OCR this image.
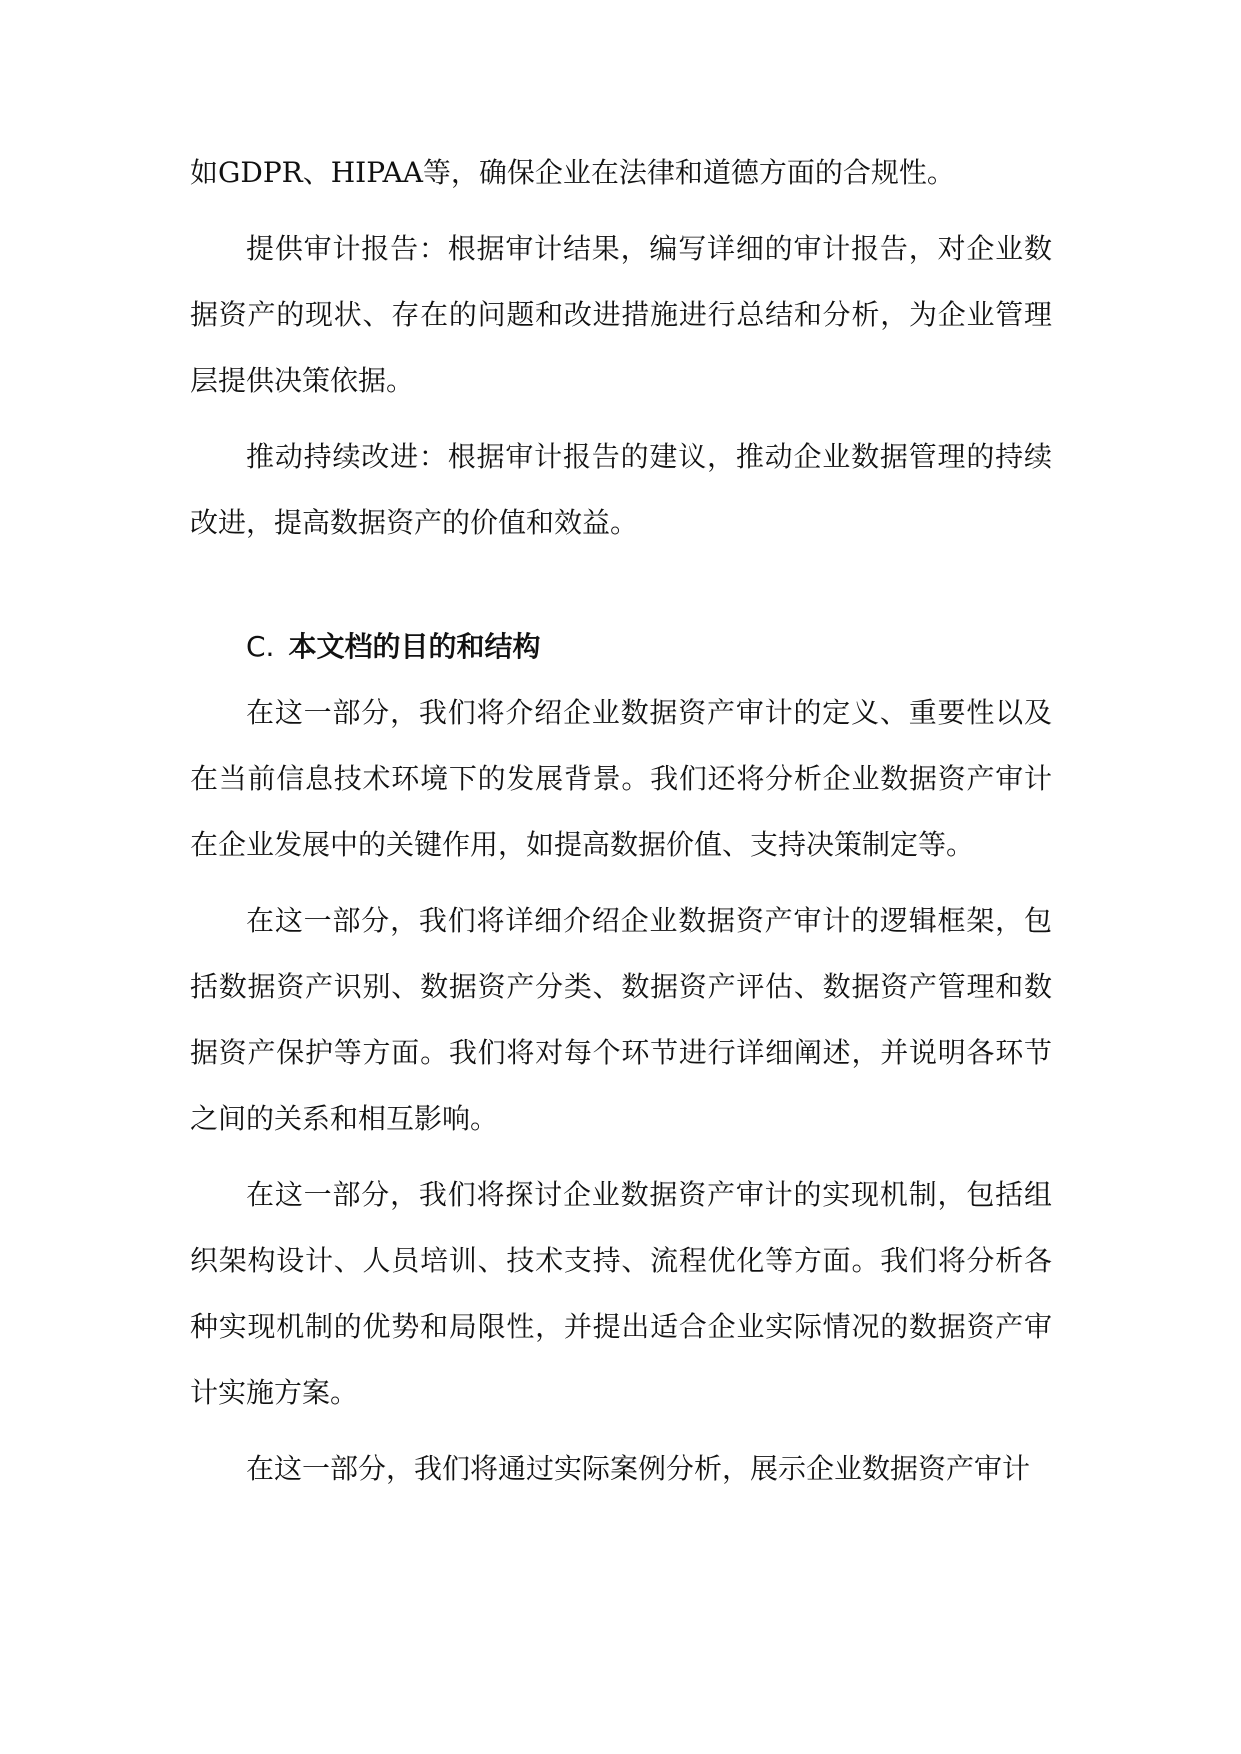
如GDPR、HIPAA等，确保企业在法律和道德方面的合规性。

提供审计报告：根据审计结果，编写详细的审计报告，对企业数据资产的现状、存在的问题和改进措施进行总结和分析，为企业管理层提供决策依据。

推动持续改进：根据审计报告的建议，推动企业数据管理的持续改进，提高数据资产的价值和效益。

C. 本文档的目的和结构

在这一部分，我们将介绍企业数据资产审计的定义、重要性以及在当前信息技术环境下的发展背景。我们还将分析企业数据资产审计在企业发展中的关键作用，如提高数据价值、支持决策制定等。

在这一部分，我们将详细介绍企业数据资产审计的逻辑框架，包括数据资产识别、数据资产分类、数据资产评估、数据资产管理和数据资产保护等方面。我们将对每个环节进行详细阐述，并说明各环节之间的关系和相互影响。

在这一部分，我们将探讨企业数据资产审计的实现机制，包括组织架构设计、人员培训、技术支持、流程优化等方面。我们将分析各种实现机制的优势和局限性，并提出适合企业实际情况的数据资产审计实施方案。

在这一部分，我们将通过实际案例分析，展示企业数据资产审计
